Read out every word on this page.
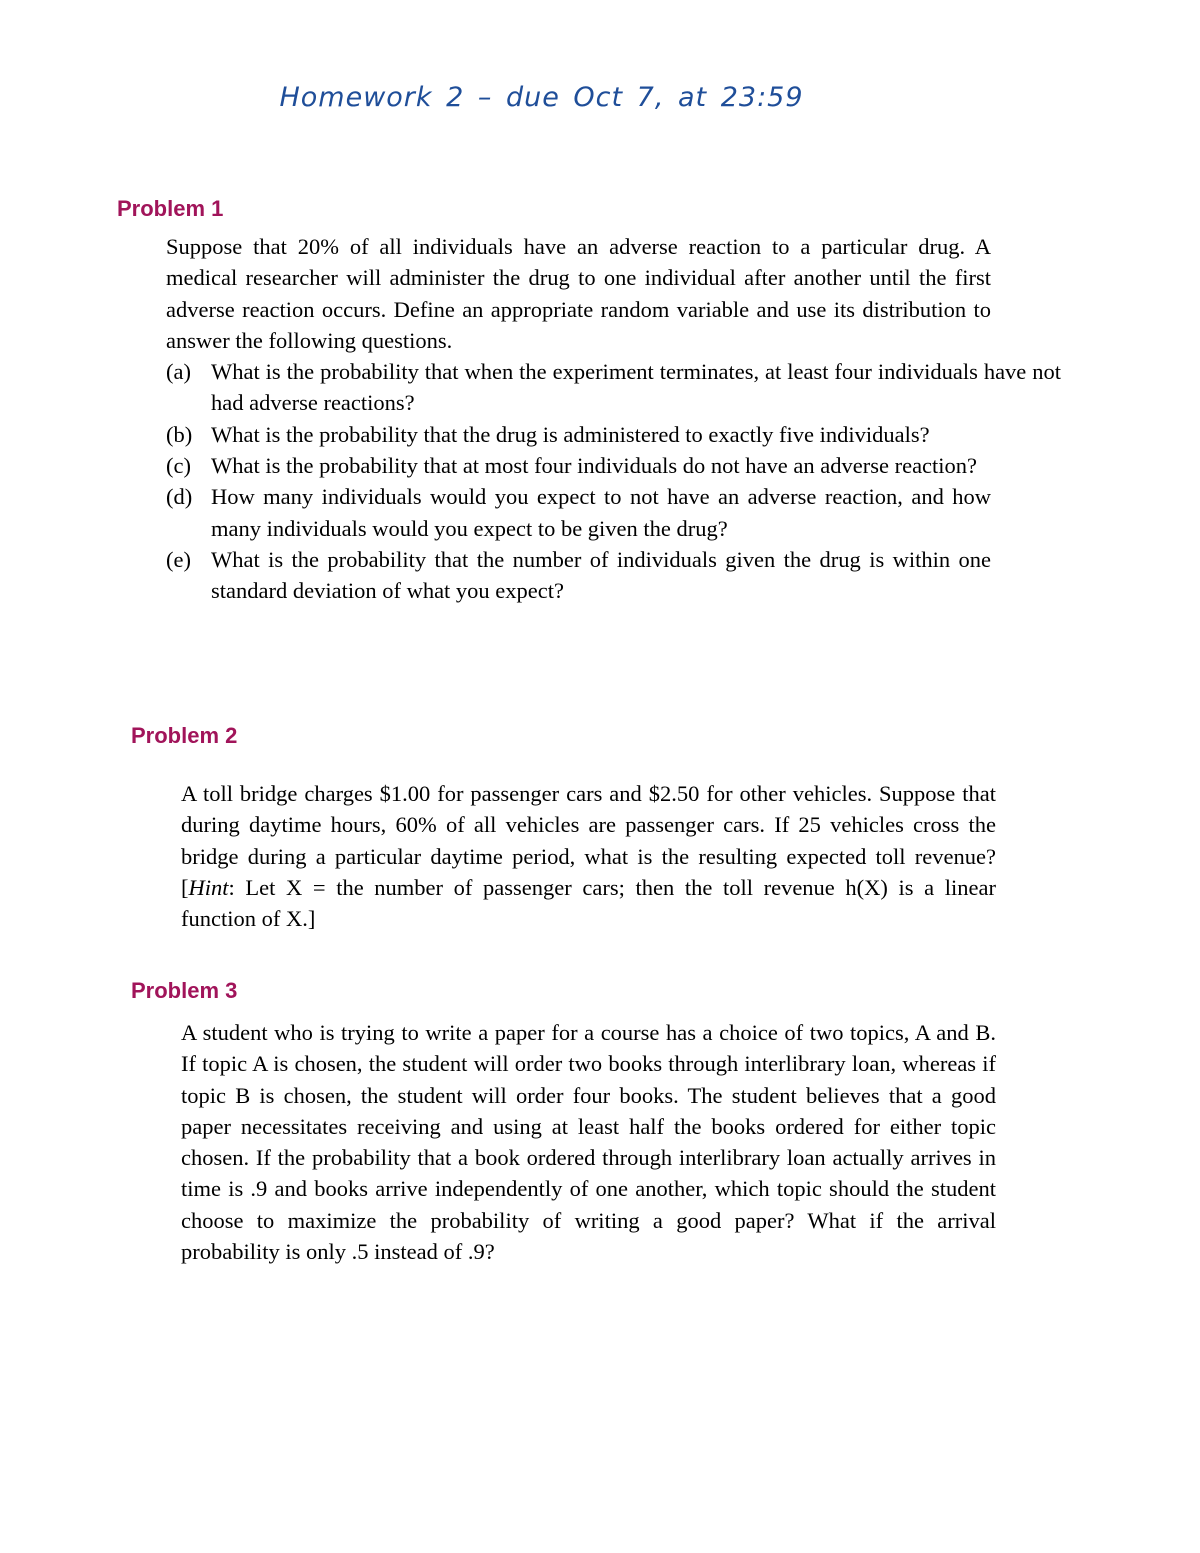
Homework 2 – due Oct 7, at 23:59
Problem 1

Suppose that 20% of all individuals have an adverse reaction to a particular drug. A medical researcher will administer the drug to one individual after another until the first adverse reaction occurs. Define an appropriate random variable and use its distribution to answer the following questions.

(a) What is the probability that when the experiment terminates, at least four individuals have not had adverse reactions?
(b) What is the probability that the drug is administered to exactly five individuals?
(c) What is the probability that at most four individuals do not have an adverse reaction?
(d) How many individuals would you expect to not have an adverse reaction, and how many individuals would you expect to be given the drug?
(e) What is the probability that the number of individuals given the drug is within one standard deviation of what you expect?
Problem 2

A toll bridge charges $1.00 for passenger cars and $2.50 for other vehicles. Suppose that during daytime hours, 60% of all vehicles are passenger cars. If 25 vehicles cross the bridge during a particular daytime period, what is the resulting expected toll revenue? [Hint: Let X = the number of passenger cars; then the toll revenue h(X) is a linear function of X.]

Problem 3

A student who is trying to write a paper for a course has a choice of two topics, A and B. If topic A is chosen, the student will order two books through interlibrary loan, whereas if topic B is chosen, the student will order four books. The student believes that a good paper necessitates receiving and using at least half the books ordered for either topic chosen. If the probability that a book ordered through interlibrary loan actually arrives in time is .9 and books arrive independently of one another, which topic should the student choose to maximize the probability of writing a good paper? What if the arrival probability is only .5 instead of .9?
